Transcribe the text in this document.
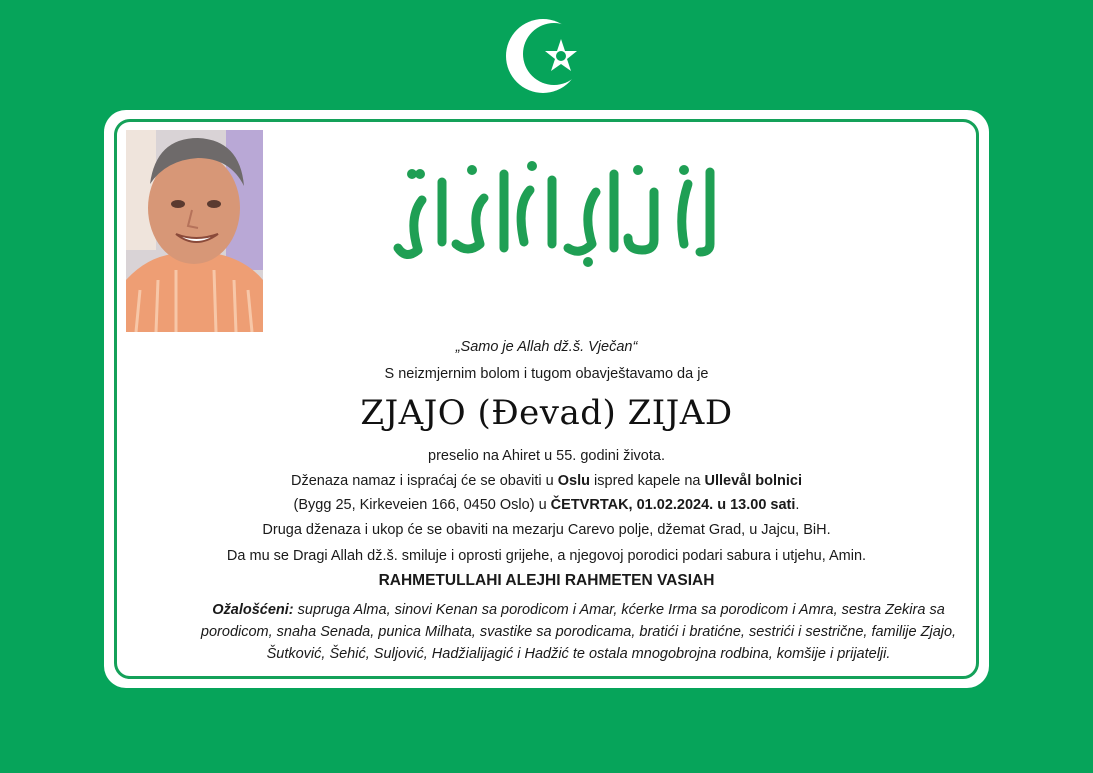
„Samo je Allah dž.š. Vječan“
S neizmjernim bolom i tugom obavještavamo da je
ZJAJO (Đevad) ZIJAD
preselio na Ahiret u 55. godini života.
Dženaza namaz i ispraćaj će se obaviti u Oslu ispred kapele na Ullevål bolnici
(Bygg 25, Kirkeveien 166, 0450 Oslo) u ČETVRTAK, 01.02.2024. u 13.00 sati.
Druga dženaza i ukop će se obaviti na mezarju Carevo polje, džemat Grad, u Jajcu, BiH.
Da mu se Dragi Allah dž.š. smiluje i oprosti grijehe, a njegovoj porodici podari sabura i utjehu, Amin.
RAHMETULLAHI ALEJHI RAHMETEN VASIAH
Ožalošćeni: supruga Alma, sinovi Kenan sa porodicom i Amar, kćerke Irma sa porodicom i Amra, sestra Zekira sa porodicom, snaha Senada, punica Milhata, svastike sa porodicama, bratići i bratićne, sestrići i sestrične, familije Zjajo, Šutković, Šehić, Suljović, Hadžialijagić i Hadžić te ostala mnogobrojna rodbina, komšije i prijatelji.
